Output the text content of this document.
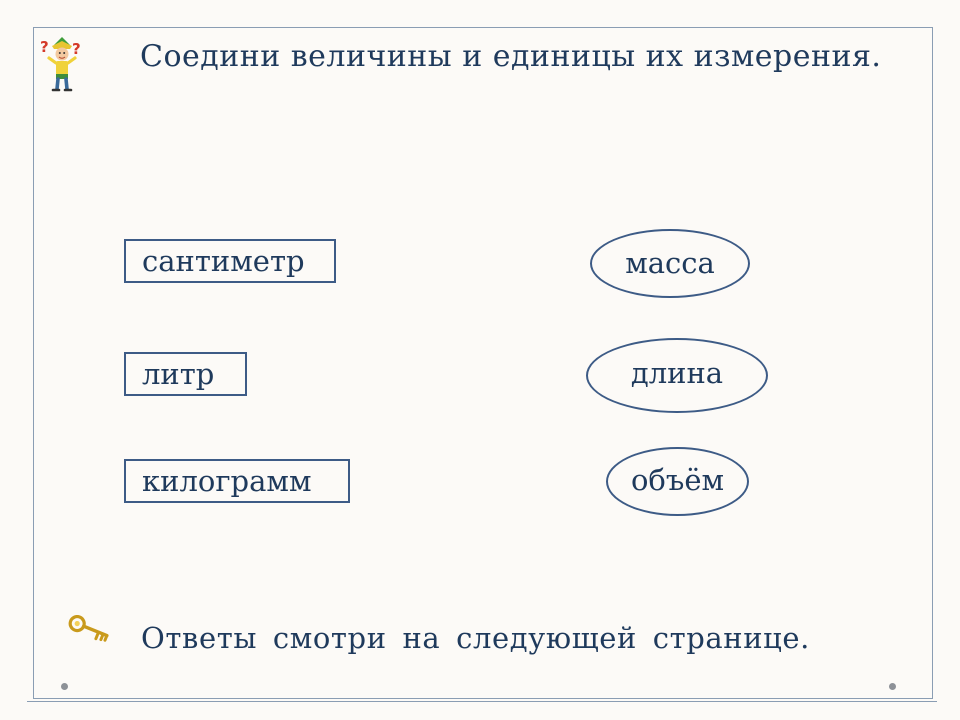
? ?	Соедини величины и единицы их измерения.
сантиметр
литр
килограмм
масса
длина
объём
Ответы смотри на следующей странице.
